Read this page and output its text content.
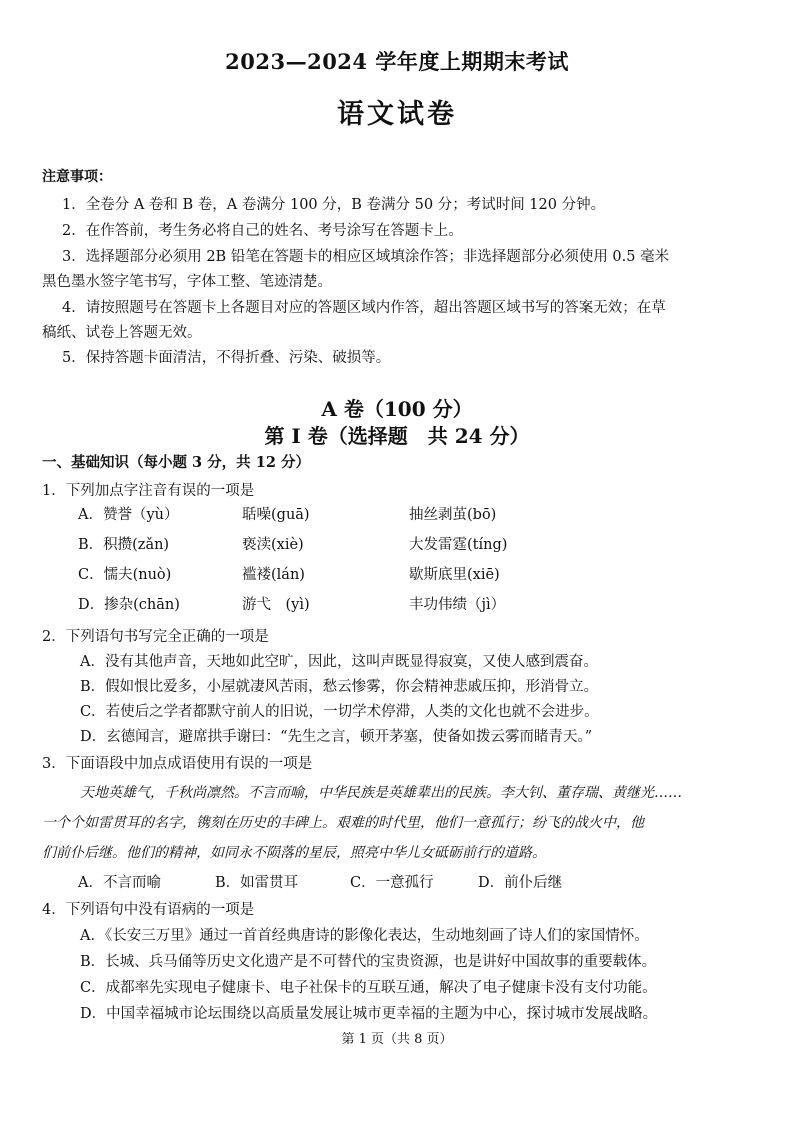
2023—2024 学年度上期期末考试
语文试卷
注意事项：
1．全卷分 A 卷和 B 卷，A 卷满分 100 分，B 卷满分 50 分；考试时间 120 分钟。
2．在作答前，考生务必将自己的姓名、考号涂写在答题卡上。
3．选择题部分必须用 2B 铅笔在答题卡的相应区域填涂作答；非选择题部分必须使用 0.5 毫米
黑色墨水签字笔书写，字体工整、笔迹清楚。
4．请按照题号在答题卡上各题目对应的答题区域内作答，超出答题区域书写的答案无效；在草
稿纸、试卷上答题无效。
5．保持答题卡面清洁，不得折叠、污染、破损等。
A 卷（100 分）
第 I 卷（选择题　共 24 分）
一、基础知识（每小题 3 分，共 12 分）
1．下列加点字注音有误的一项是
A．赞誉（yù）	聒噪(guā)	抽丝剥茧(bō)
B．积攒(zǎn)	亵渎(xiè)	大发雷霆(tíng)
C．懦夫(nuò)	褴褛(lán)	歇斯底里(xiē)
D．掺杂(chān)	游弋　(yì)	丰功伟绩（jì）
2．下列语句书写完全正确的一项是
A．没有其他声音，天地如此空旷，因此，这叫声既显得寂寞，又使人感到震奋。
B．假如恨比爱多，小屋就凄风苦雨，愁云惨雾，你会精神悲戚压抑，形消骨立。
C．若使后之学者都默守前人的旧说，一切学术停滞，人类的文化也就不会进步。
D．玄德闻言，避席拱手谢曰：“先生之言，顿开茅塞，使备如拨云雾而睹青天。”
3．下面语段中加点成语使用有误的一项是
天地英雄气，千秋尚凛然。不言而喻，中华民族是英雄辈出的民族。李大钊、董存瑞、黄继光……
一个个如雷贯耳的名字，镌刻在历史的丰碑上。艰难的时代里，他们一意孤行；纷飞的战火中，他
们前仆后继。他们的精神，如同永不陨落的星辰，照亮中华儿女砥砺前行的道路。
A．不言而喻	B．如雷贯耳	C．一意孤行	D．前仆后继
4．下列语句中没有语病的一项是
A．《长安三万里》通过一首首经典唐诗的影像化表达，生动地刻画了诗人们的家国情怀。
B．长城、兵马俑等历史文化遗产是不可替代的宝贵资源，也是讲好中国故事的重要载体。
C．成都率先实现电子健康卡、电子社保卡的互联互通，解决了电子健康卡没有支付功能。
D．中国幸福城市论坛围绕以高质量发展让城市更幸福的主题为中心，探讨城市发展战略。
第 1 页（共 8 页）
